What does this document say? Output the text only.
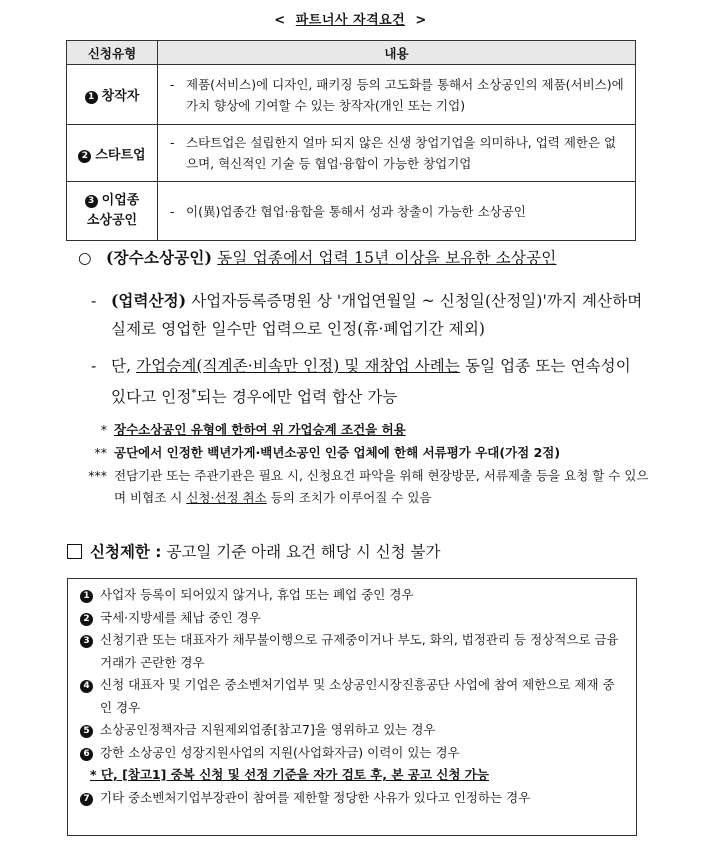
< 파트너사 자격요건 >
신청유형	내용
1 창작자	- 제품(서비스)에 디자인, 패키징 등의 고도화를 통해서 소상공인의 제품(서비스)에 가치 향상에 기여할 수 있는 창작자(개인 또는 기업)

2 스타트업	- 스타트업은 설립한지 얼마 되지 않은 신생 창업기업을 의미하나, 업력 제한은 없으며, 혁신적인 기술 등 협업·융합이 가능한 창업기업

3 이업종
소상공인	- 이(異)업종간 협업·융합을 통해서 성과 창출이 가능한 소상공인
○ (장수소상공인) 동일 업종에서 업력 15년 이상을 보유한 소상공인
- (업력산정) 사업자등록증명원 상 '개업연월일 ~ 신청일(산정일)'까지 계산하며 실제로 영업한 일수만 업력으로 인정(휴·폐업기간 제외)
- 단, 가업승계(직계존·비속만 인정) 및 재창업 사례는 동일 업종 또는 연속성이 있다고 인정*되는 경우에만 업력 합산 가능
* 장수소상공인 유형에 한하여 위 가업승계 조건을 허용
** 공단에서 인정한 백년가게·백년소공인 인증 업체에 한해 서류평가 우대(가점 2점)
*** 전담기관 또는 주관기관은 필요 시, 신청요건 파악을 위해 현장방문, 서류제출 등을 요청 할 수 있으며 비협조 시 신청·선정 취소 등의 조치가 이루어질 수 있음
신청제한 :
공고일 기준 아래 요건 해당 시 신청 불가
1 사업자 등록이 되어있지 않거나, 휴업 또는 폐업 중인 경우
2 국세·지방세를 체납 중인 경우
3 신청기관 또는 대표자가 채무불이행으로 규제중이거나 부도, 화의, 법정관리 등 정상적으로 금융 거래가 곤란한 경우
4 신청 대표자 및 기업은 중소벤처기업부 및 소상공인시장진흥공단 사업에 참여 제한으로 제재 중인 경우
5 소상공인정책자금 지원제외업종[참고7]을 영위하고 있는 경우
6 강한 소상공인 성장지원사업의 지원(사업화자금) 이력이 있는 경우
* 단, [참고1] 중복 신청 및 선정 기준을 자가 검토 후, 본 공고 신청 가능
7 기타 중소벤처기업부장관이 참여를 제한할 정당한 사유가 있다고 인정하는 경우
